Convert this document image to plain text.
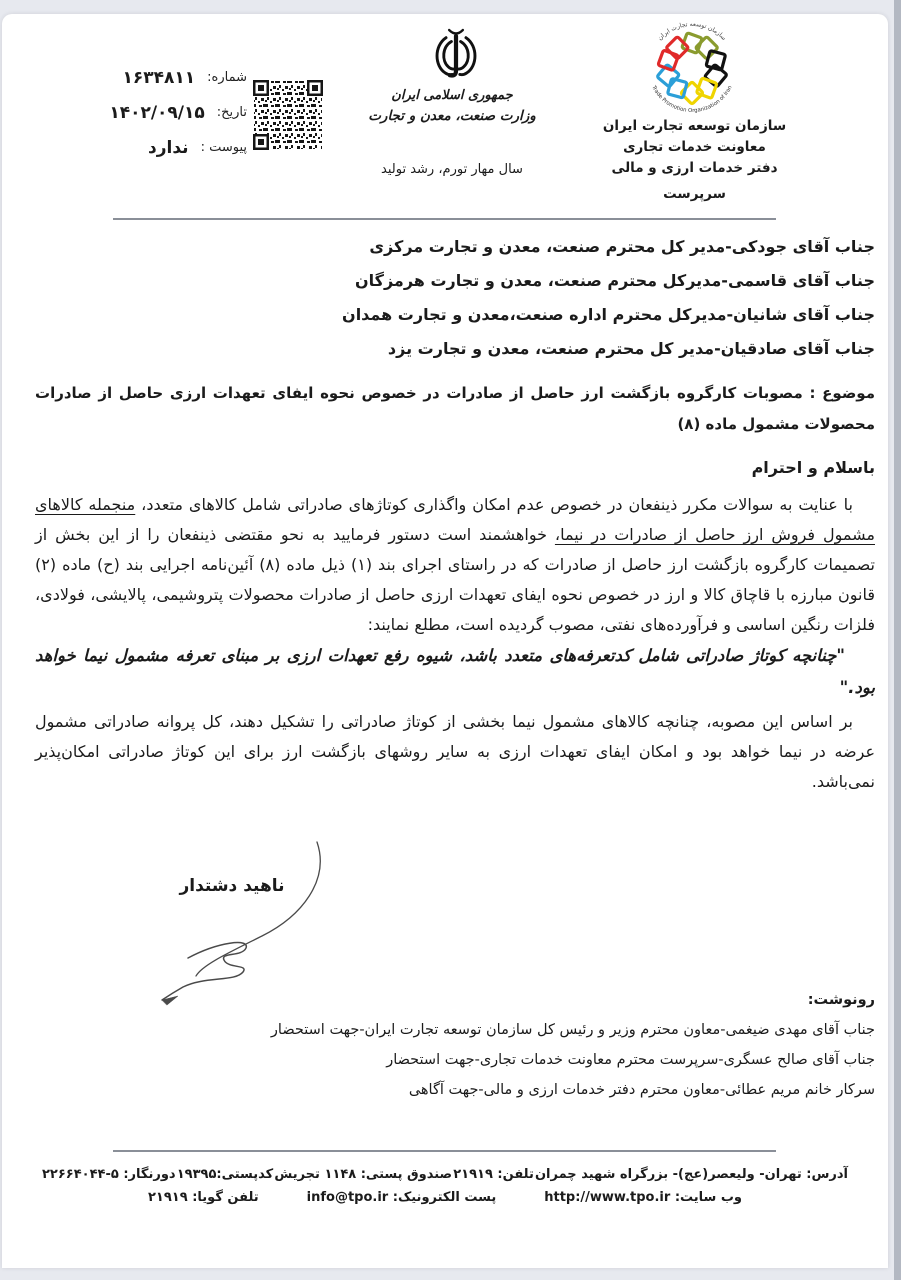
شماره:
۱۶۳۴۸۱۱
تاریخ:
۱۴۰۲/۰۹/۱۵
پیوست :
ندارد
جمهوری اسلامی ایران
وزارت صنعت، معدن و تجارت
سال مهار تورم، رشد تولید
سازمان توسعه تجارت ایران
Trade Promotion Organization of Iran
سازمان توسعه تجارت ایران
معاونت خدمات تجاری
دفتر خدمات ارزی و مالی
سرپرست
جناب آقای جودکی-مدیر کل محترم صنعت، معدن و تجارت مرکزی
جناب آقای قاسمی-مدیرکل محترم صنعت، معدن و تجارت هرمزگان
جناب آقای شانیان-مدیرکل محترم اداره صنعت،معدن و تجارت همدان
جناب آقای صادقیان-مدیر کل محترم صنعت، معدن و تجارت یزد

موضوع : مصوبات کارگروه بازگشت ارز حاصل از صادرات در خصوص نحوه ایفای تعهدات ارزی حاصل از صادرات محصولات مشمول ماده (۸)

باسلام و احترام

با عنایت به سوالات مکرر ذینفعان در خصوص عدم امکان واگذاری کوتاژهای صادراتی شامل کالاهای متعدد، منجمله کالاهای مشمول فروش ارز حاصل از صادرات در نیما، خواهشمند است دستور فرمایید به نحو مقتضی ذینفعان را از این بخش از تصمیمات کارگروه بازگشت ارز حاصل از صادرات که در راستای اجرای بند (۱) ذیل ماده (۸) آئین‌نامه اجرایی بند (ح) ماده (۲) قانون مبارزه با قاچاق کالا و ارز در خصوص نحوه ایفای تعهدات ارزی حاصل از صادرات محصولات پتروشیمی، پالایشی، فولادی، فلزات رنگین اساسی و فرآورده‌های نفتی، مصوب گردیده است، مطلع نمایند:

"چنانچه کوتاژ صادراتی شامل کدتعرفه‌های متعدد باشد، شیوه رفع تعهدات ارزی بر مبنای تعرفه مشمول نیما خواهد بود."

بر اساس این مصوبه، چنانچه کالاهای مشمول نیما بخشی از کوتاژ صادراتی را تشکیل دهند، کل پروانه صادراتی مشمول عرضه در نیما خواهد بود و امکان ایفای تعهدات ارزی به سایر روشهای بازگشت ارز برای این کوتاژ صادراتی امکان‌پذیر نمی‌باشد.

ناهید دشتدار
رونوشت:
جناب آقای مهدی ضیغمی-معاون محترم وزیر و رئیس کل سازمان توسعه تجارت ایران-جهت استحضار
جناب آقای صالح عسگری-سرپرست محترم معاونت خدمات تجاری-جهت استحضار
سرکار خانم مریم عطائی-معاون محترم دفتر خدمات ارزی و مالی-جهت آگاهی
آدرس: تهران- ولیعصر(عج)- بزرگراه شهید چمران
تلفن: ۲۱۹۱۹
صندوق پستی: ۱۱۴۸ تجریش
کدپستی:۱۹۳۹۵
دورنگار: ۵-۲۲۶۶۴۰۴۴
وب سایت: http://www.tpo.ir
پست الکترونیک: info@tpo.ir
تلفن گویا: ۲۱۹۱۹
